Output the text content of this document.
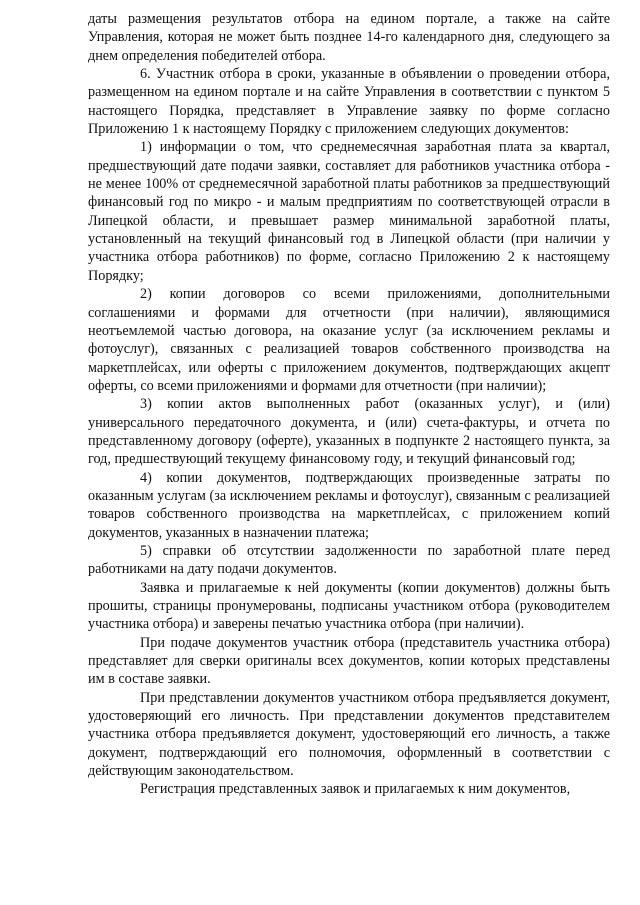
даты размещения результатов отбора на едином портале, а также на сайте Управления, которая не может быть позднее 14-го календарного дня, следующего за днем определения победителей отбора.

6. Участник отбора в сроки, указанные в объявлении о проведении отбора, размещенном на едином портале и на сайте Управления в соответствии с пунктом 5 настоящего Порядка, представляет в Управление заявку по форме согласно Приложению 1 к настоящему Порядку с приложением следующих документов:

1) информации о том, что среднемесячная заработная плата за квартал, предшествующий дате подачи заявки, составляет для работников участника отбора - не менее 100% от среднемесячной заработной платы работников за предшествующий финансовый год по микро - и малым предприятиям по соответствующей отрасли в Липецкой области, и превышает размер минимальной заработной платы, установленный на текущий финансовый год в Липецкой области (при наличии у участника отбора работников) по форме, согласно Приложению 2 к настоящему Порядку;

2) копии договоров со всеми приложениями, дополнительными соглашениями и формами для отчетности (при наличии), являющимися неотъемлемой частью договора, на оказание услуг (за исключением рекламы и фотоуслуг), связанных с реализацией товаров собственного производства на маркетплейсах, или оферты с приложением документов, подтверждающих акцепт оферты, со всеми приложениями и формами для отчетности (при наличии);

3) копии актов выполненных работ (оказанных услуг), и (или) универсального передаточного документа, и (или) счета-фактуры, и отчета по представленному договору (оферте), указанных в подпункте 2 настоящего пункта, за год, предшествующий текущему финансовому году, и текущий финансовый год;

4) копии документов, подтверждающих произведенные затраты по оказанным услугам (за исключением рекламы и фотоуслуг), связанным с реализацией товаров собственного производства на маркетплейсах, с приложением копий документов, указанных в назначении платежа;

5) справки об отсутствии задолженности по заработной плате перед работниками на дату подачи документов.

Заявка и прилагаемые к ней документы (копии документов) должны быть прошиты, страницы пронумерованы, подписаны участником отбора (руководителем участника отбора) и заверены печатью участника отбора (при наличии).

При подаче документов участник отбора (представитель участника отбора) представляет для сверки оригиналы всех документов, копии которых представлены им в составе заявки.

При представлении документов участником отбора предъявляется документ, удостоверяющий его личность. При представлении документов представителем участника отбора предъявляется документ, удостоверяющий его личность, а также документ, подтверждающий его полномочия, оформленный в соответствии с действующим законодательством.

Регистрация представленных заявок и прилагаемых к ним документов,
